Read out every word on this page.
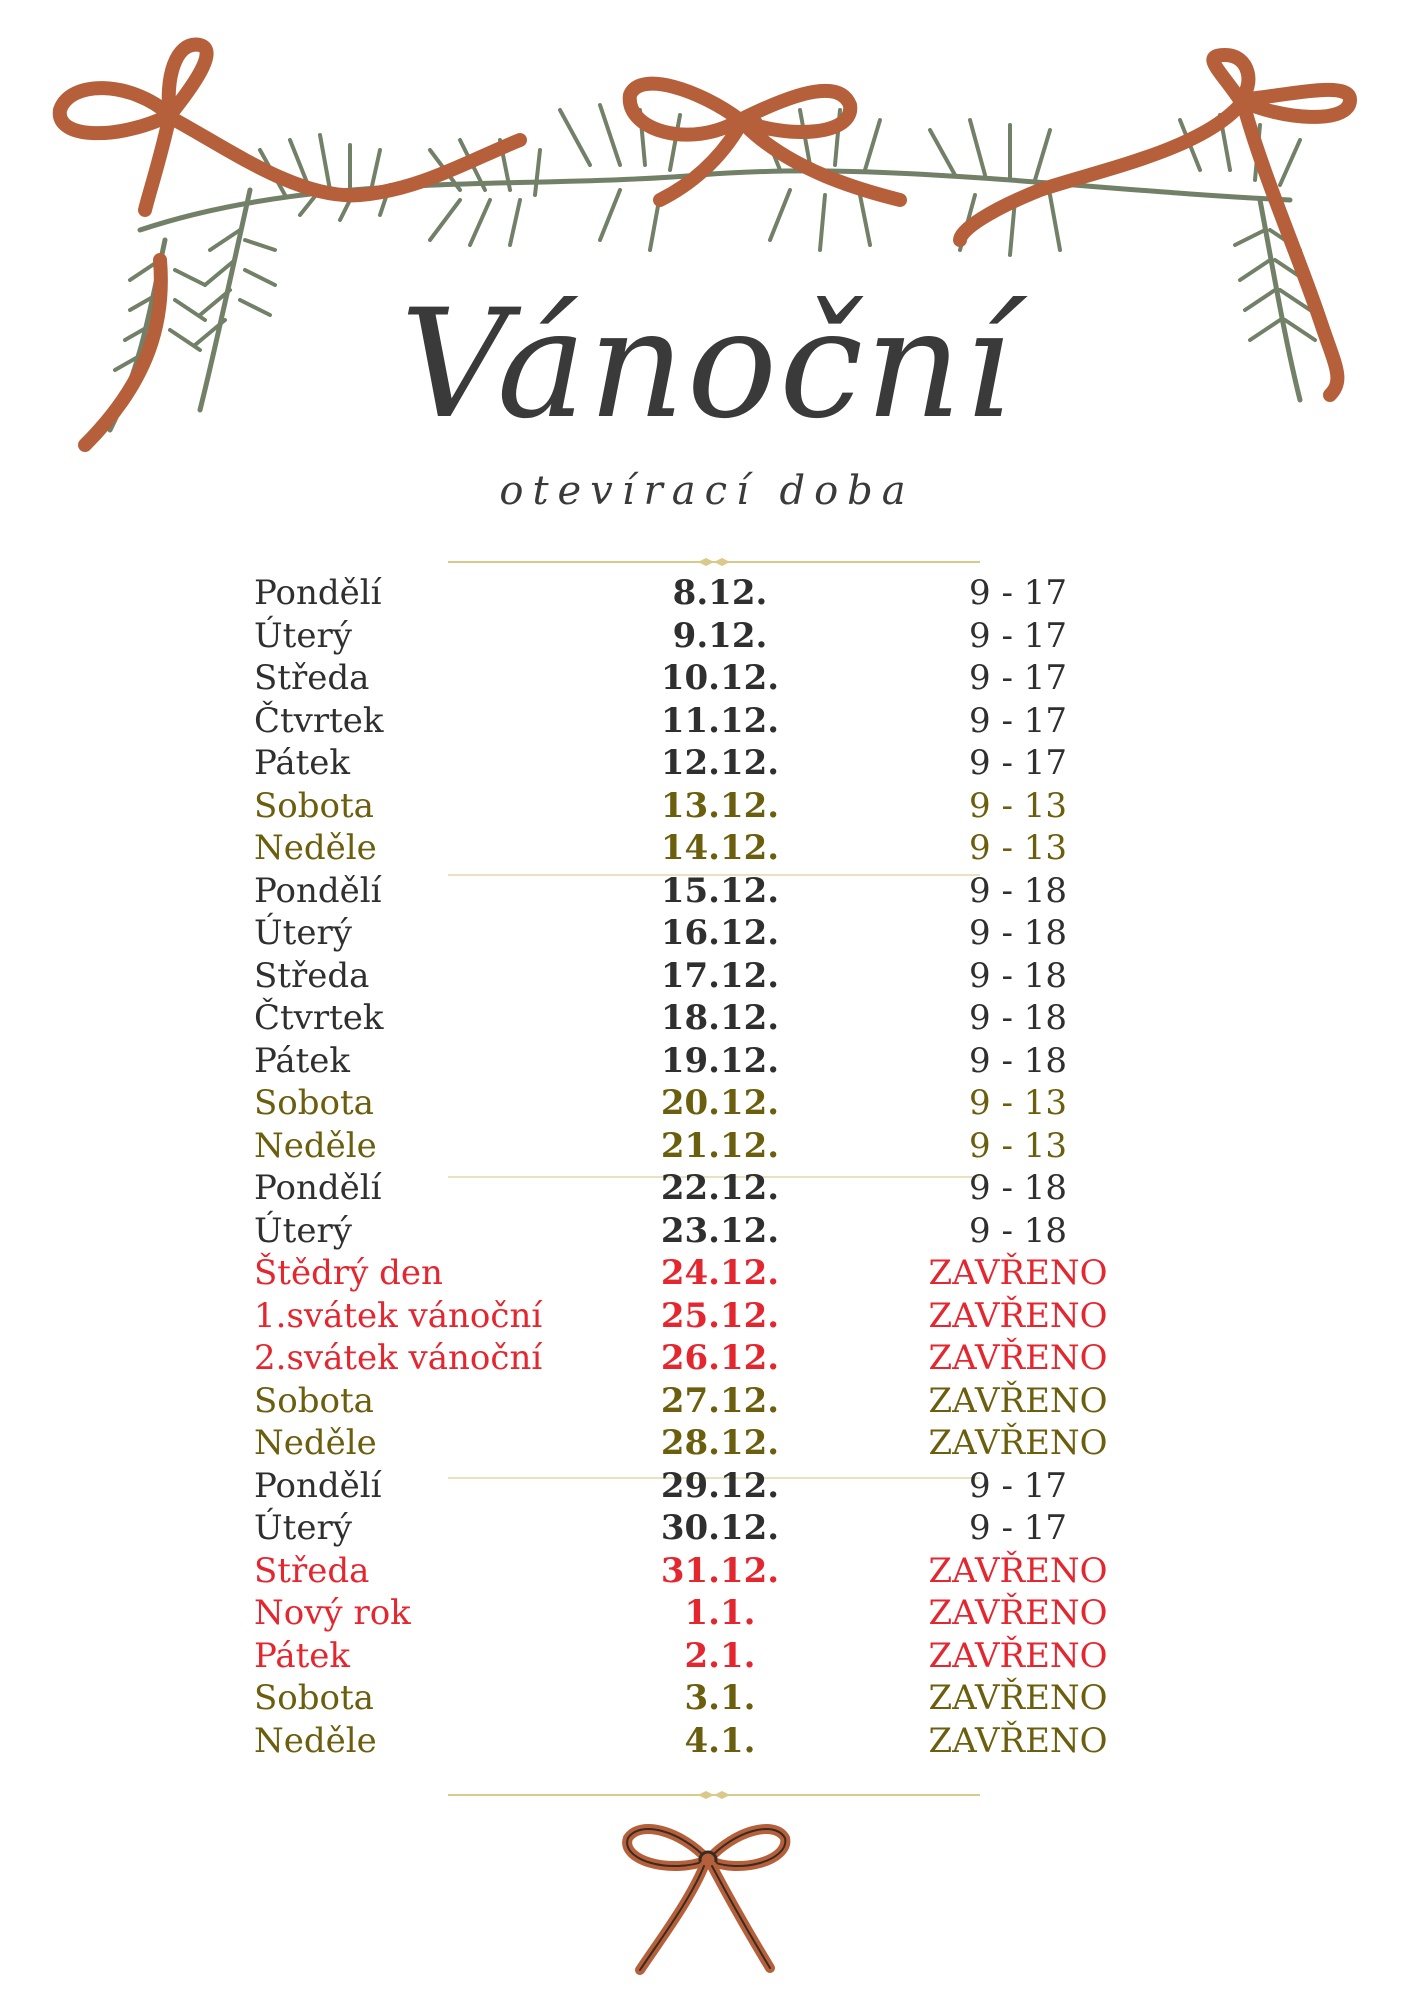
Vánoční
otevírací doba
Pondělí	8.12.	9 - 17
Úterý	9.12.	9 - 17
Středa	10.12.	9 - 17
Čtvrtek	11.12.	9 - 17
Pátek	12.12.	9 - 17
Sobota	13.12.	9 - 13
Neděle	14.12.	9 - 13
Pondělí	15.12.	9 - 18
Úterý	16.12.	9 - 18
Středa	17.12.	9 - 18
Čtvrtek	18.12.	9 - 18
Pátek	19.12.	9 - 18
Sobota	20.12.	9 - 13
Neděle	21.12.	9 - 13
Pondělí	22.12.	9 - 18
Úterý	23.12.	9 - 18
Štědrý den	24.12.	ZAVŘENO
1.svátek vánoční	25.12.	ZAVŘENO
2.svátek vánoční	26.12.	ZAVŘENO
Sobota	27.12.	ZAVŘENO
Neděle	28.12.	ZAVŘENO
Pondělí	29.12.	9 - 17
Úterý	30.12.	9 - 17
Středa	31.12.	ZAVŘENO
Nový rok	1.1.	ZAVŘENO
Pátek	2.1.	ZAVŘENO
Sobota	3.1.	ZAVŘENO
Neděle	4.1.	ZAVŘENO
